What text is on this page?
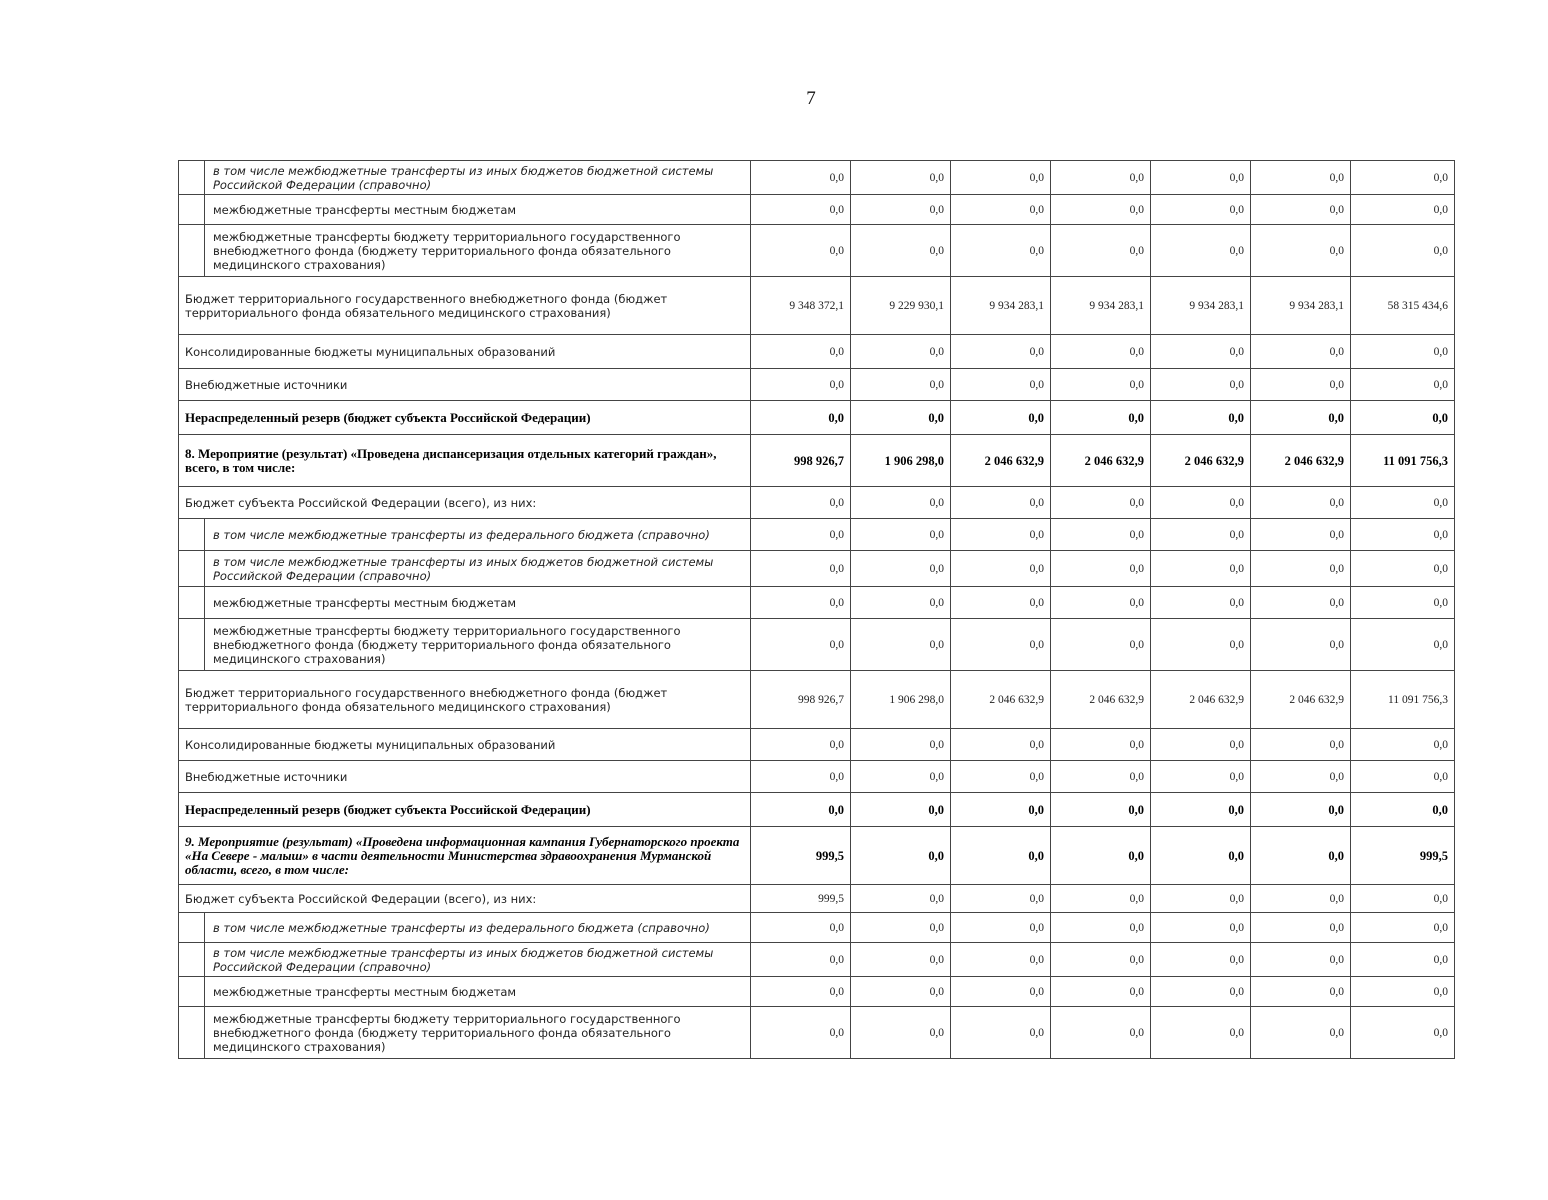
7
	в том числе межбюджетные трансферты из иных бюджетов бюджетной системы Российской Федерации (справочно)	0,0	0,0	0,0	0,0	0,0	0,0	0,0
	межбюджетные трансферты местным бюджетам	0,0	0,0	0,0	0,0	0,0	0,0	0,0
	межбюджетные трансферты бюджету территориального государственного внебюджетного фонда (бюджету территориального фонда обязательного медицинского страхования)	0,0	0,0	0,0	0,0	0,0	0,0	0,0
Бюджет территориального государственного внебюджетного фонда (бюджет территориального фонда обязательного медицинского страхования)		9 348 372,1	9 229 930,1	9 934 283,1	9 934 283,1	9 934 283,1	9 934 283,1	58 315 434,6
Консолидированные бюджеты муниципальных образований		0,0	0,0	0,0	0,0	0,0	0,0	0,0
Внебюджетные источники		0,0	0,0	0,0	0,0	0,0	0,0	0,0
Нераспределенный резерв (бюджет субъекта Российской Федерации)		0,0	0,0	0,0	0,0	0,0	0,0	0,0
8. Мероприятие (результат) «Проведена диспансеризация отдельных категорий граждан», всего, в том числе:		998 926,7	1 906 298,0	2 046 632,9	2 046 632,9	2 046 632,9	2 046 632,9	11 091 756,3
Бюджет субъекта Российской Федерации (всего), из них:		0,0	0,0	0,0	0,0	0,0	0,0	0,0
	в том числе межбюджетные трансферты из федерального бюджета (справочно)	0,0	0,0	0,0	0,0	0,0	0,0	0,0
	в том числе межбюджетные трансферты из иных бюджетов бюджетной системы Российской Федерации (справочно)	0,0	0,0	0,0	0,0	0,0	0,0	0,0
	межбюджетные трансферты местным бюджетам	0,0	0,0	0,0	0,0	0,0	0,0	0,0
	межбюджетные трансферты бюджету территориального государственного внебюджетного фонда (бюджету территориального фонда обязательного медицинского страхования)	0,0	0,0	0,0	0,0	0,0	0,0	0,0
Бюджет территориального государственного внебюджетного фонда (бюджет территориального фонда обязательного медицинского страхования)		998 926,7	1 906 298,0	2 046 632,9	2 046 632,9	2 046 632,9	2 046 632,9	11 091 756,3
Консолидированные бюджеты муниципальных образований		0,0	0,0	0,0	0,0	0,0	0,0	0,0
Внебюджетные источники		0,0	0,0	0,0	0,0	0,0	0,0	0,0
Нераспределенный резерв (бюджет субъекта Российской Федерации)		0,0	0,0	0,0	0,0	0,0	0,0	0,0
9. Мероприятие (результат) «Проведена информационная кампания Губернаторского проекта «На Севере - малыш» в части деятельности Министерства здравоохранения Мурманской области, всего, в том числе:		999,5	0,0	0,0	0,0	0,0	0,0	999,5
Бюджет субъекта Российской Федерации (всего), из них:		999,5	0,0	0,0	0,0	0,0	0,0	0,0
	в том числе межбюджетные трансферты из федерального бюджета (справочно)	0,0	0,0	0,0	0,0	0,0	0,0	0,0
	в том числе межбюджетные трансферты из иных бюджетов бюджетной системы Российской Федерации (справочно)	0,0	0,0	0,0	0,0	0,0	0,0	0,0
	межбюджетные трансферты местным бюджетам	0,0	0,0	0,0	0,0	0,0	0,0	0,0
	межбюджетные трансферты бюджету территориального государственного внебюджетного фонда (бюджету территориального фонда обязательного медицинского страхования)	0,0	0,0	0,0	0,0	0,0	0,0	0,0
